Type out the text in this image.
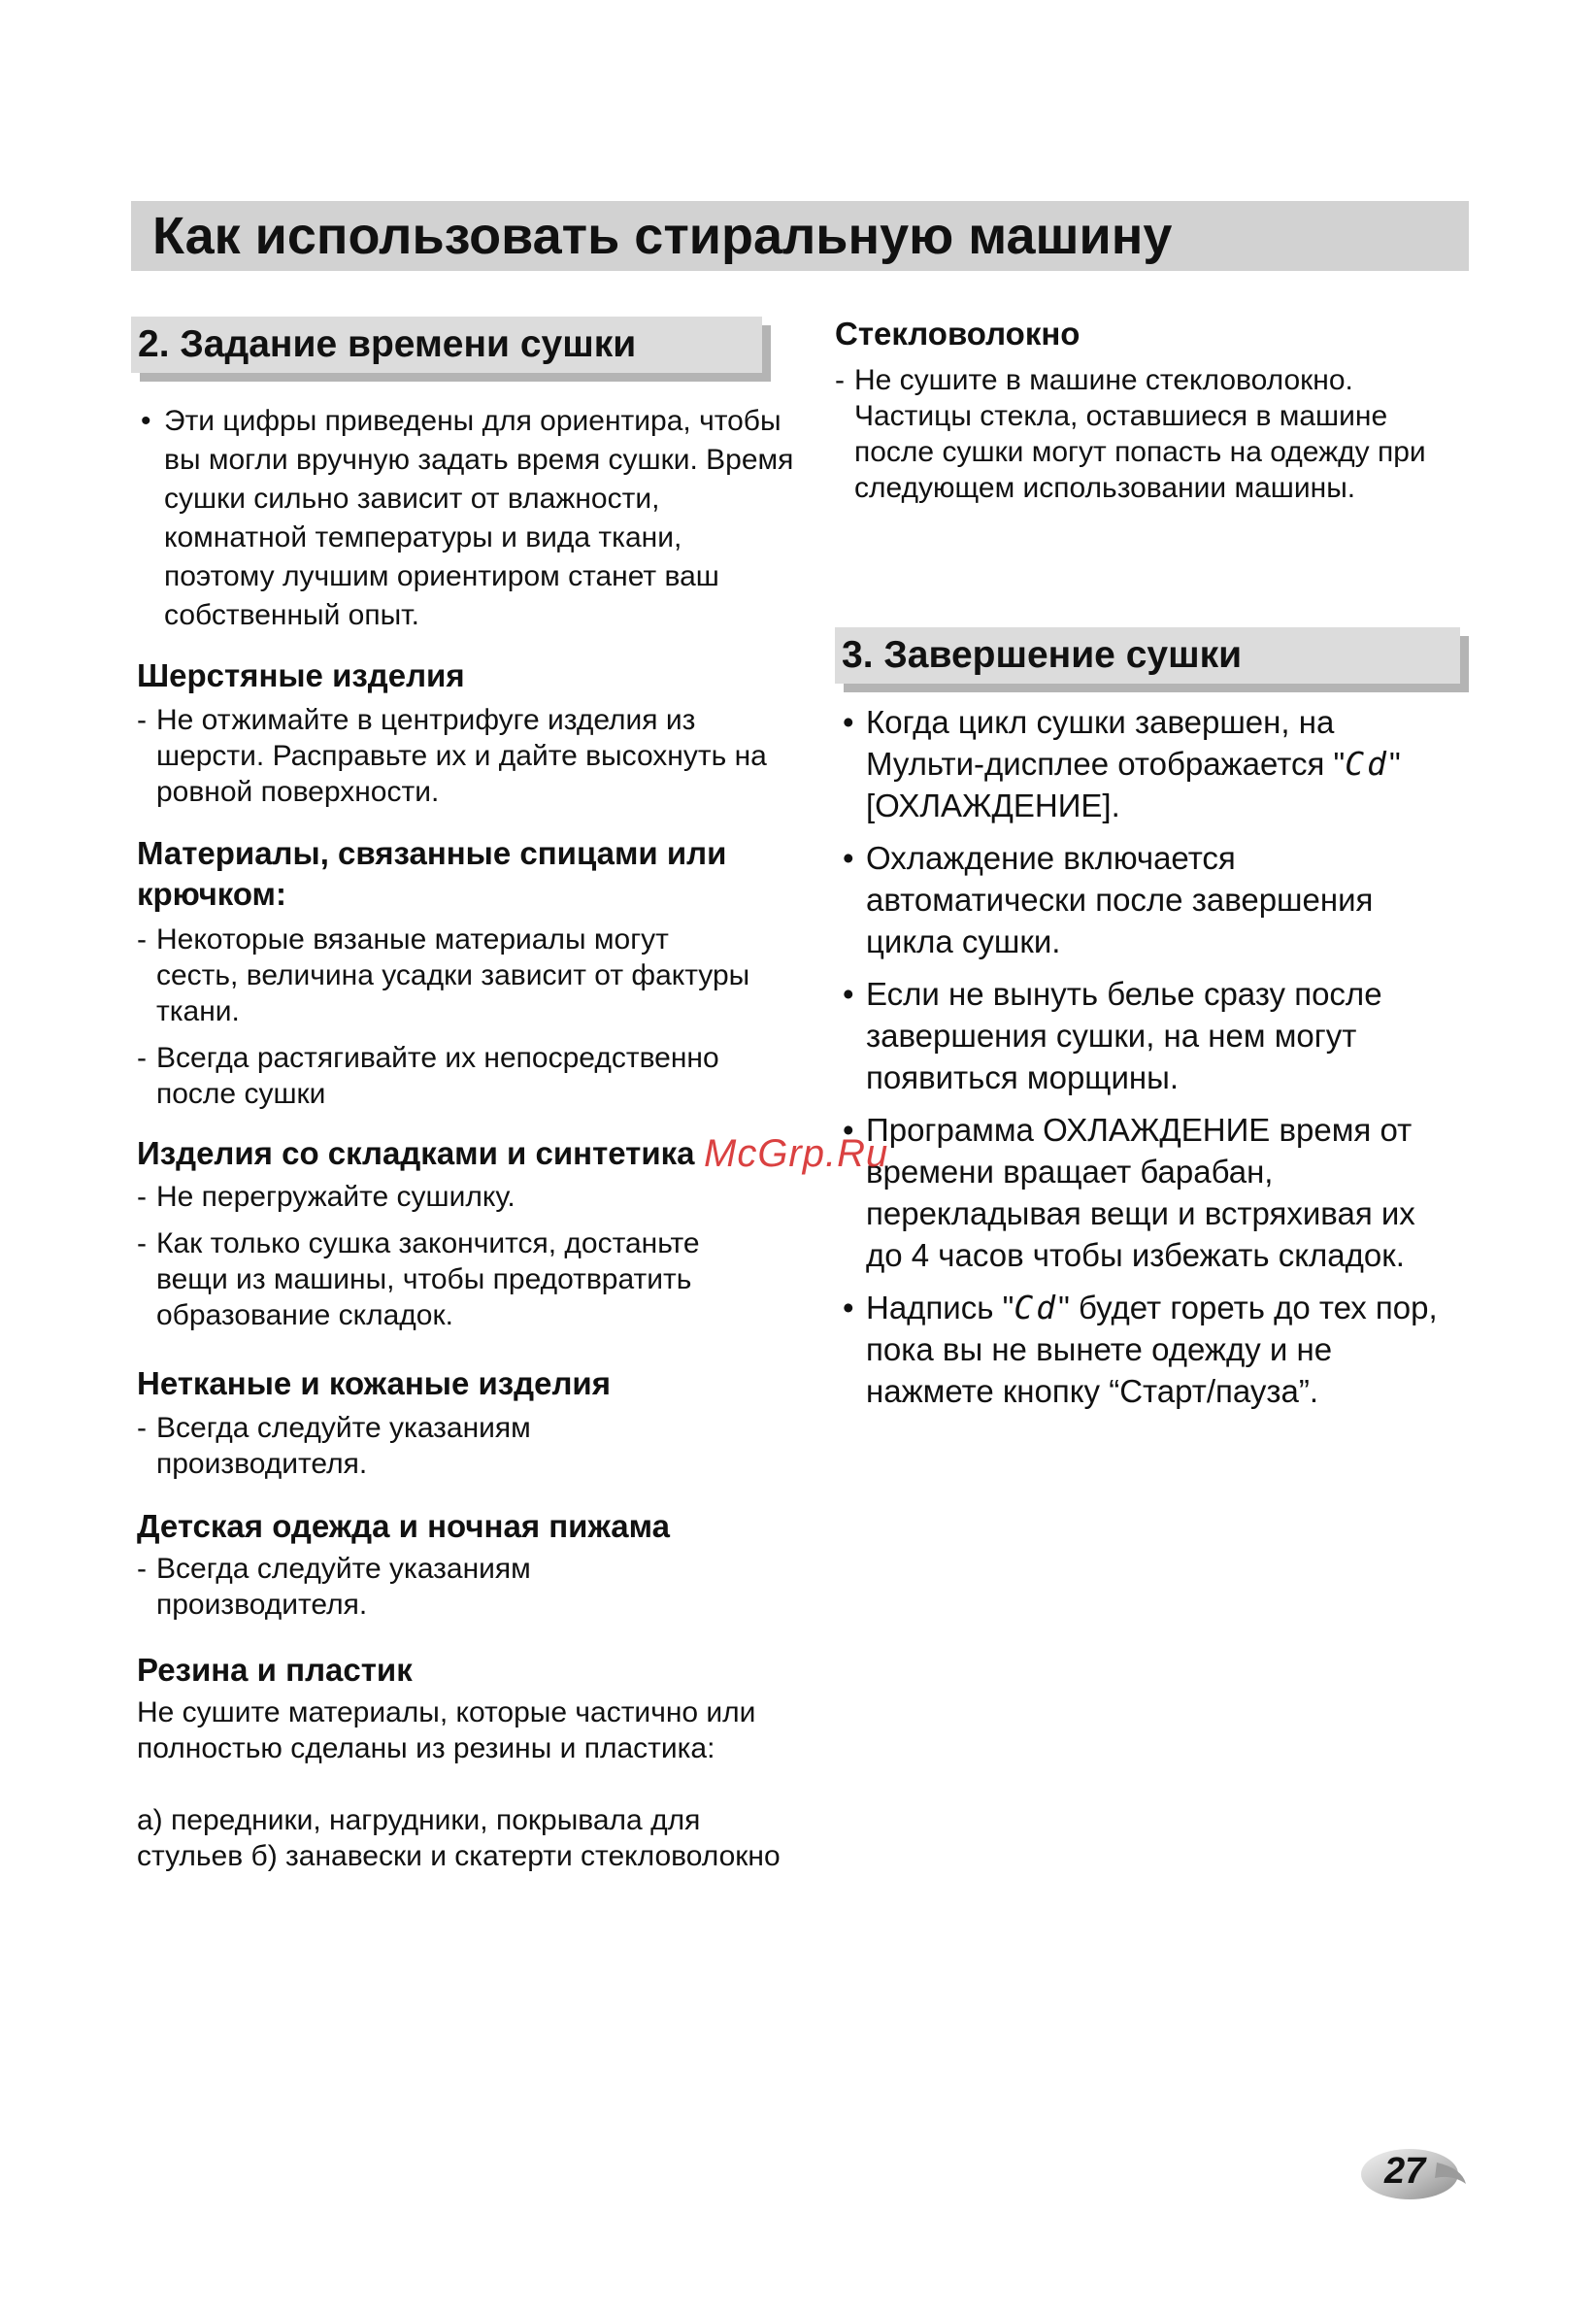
Как использовать стиральную машину
2. Задание времени сушки
• Эти цифры приведены для ориентира, чтобы вы могли вручную задать время сушки. Время сушки сильно зависит от влажности, комнатной температуры и вида ткани, поэтому лучшим ориентиром станет ваш собственный опыт.
Шерстяные изделия
- Не отжимайте в центрифуге изделия из шерсти. Расправьте их и дайте высохнуть на ровной поверхности.
Материалы, связанные спицами или крючком:
- Некоторые вязаные материалы могут сесть, величина усадки зависит от фактуры ткани.
- Всегда растягивайте их непосредственно после сушки
Изделия со складками и синтетика
- Не перегружайте сушилку.
- Как только сушка закончится, достаньте вещи из машины, чтобы предотвратить образование складок.
Нетканые и кожаные изделия
- Всегда следуйте указаниям производителя.
Детская одежда и ночная пижама
- Всегда следуйте указаниям производителя.
Резина и пластик

Не сушите материалы, которые частично или полностью сделаны из резины и пластика:

а) передники, нагрудники, покрывала для стульев б) занавески и скатерти стекловолокно

Стекловолокно
- Не сушите в машине стекловолокно. Частицы стекла, оставшиеся в машине после сушки могут попасть на одежду при следующем использовании машины.
3. Завершение сушки
• Когда цикл сушки завершен, на Мульти-дисплее отображается "Cd" [ОХЛАЖДЕНИЕ].
• Охлаждение включается автоматически после завершения цикла сушки.
• Если не вынуть белье сразу после завершения сушки, на нем могут появиться морщины.
• Программа ОХЛАЖДЕНИЕ время от времени вращает барабан, перекладывая вещи и встряхивая их до 4 часов чтобы избежать складок.
• Надпись "Cd" будет гореть до тех пор, пока вы не вынете одежду и не нажмете кнопку “Старт/пауза”.
McGrp.Ru
27
